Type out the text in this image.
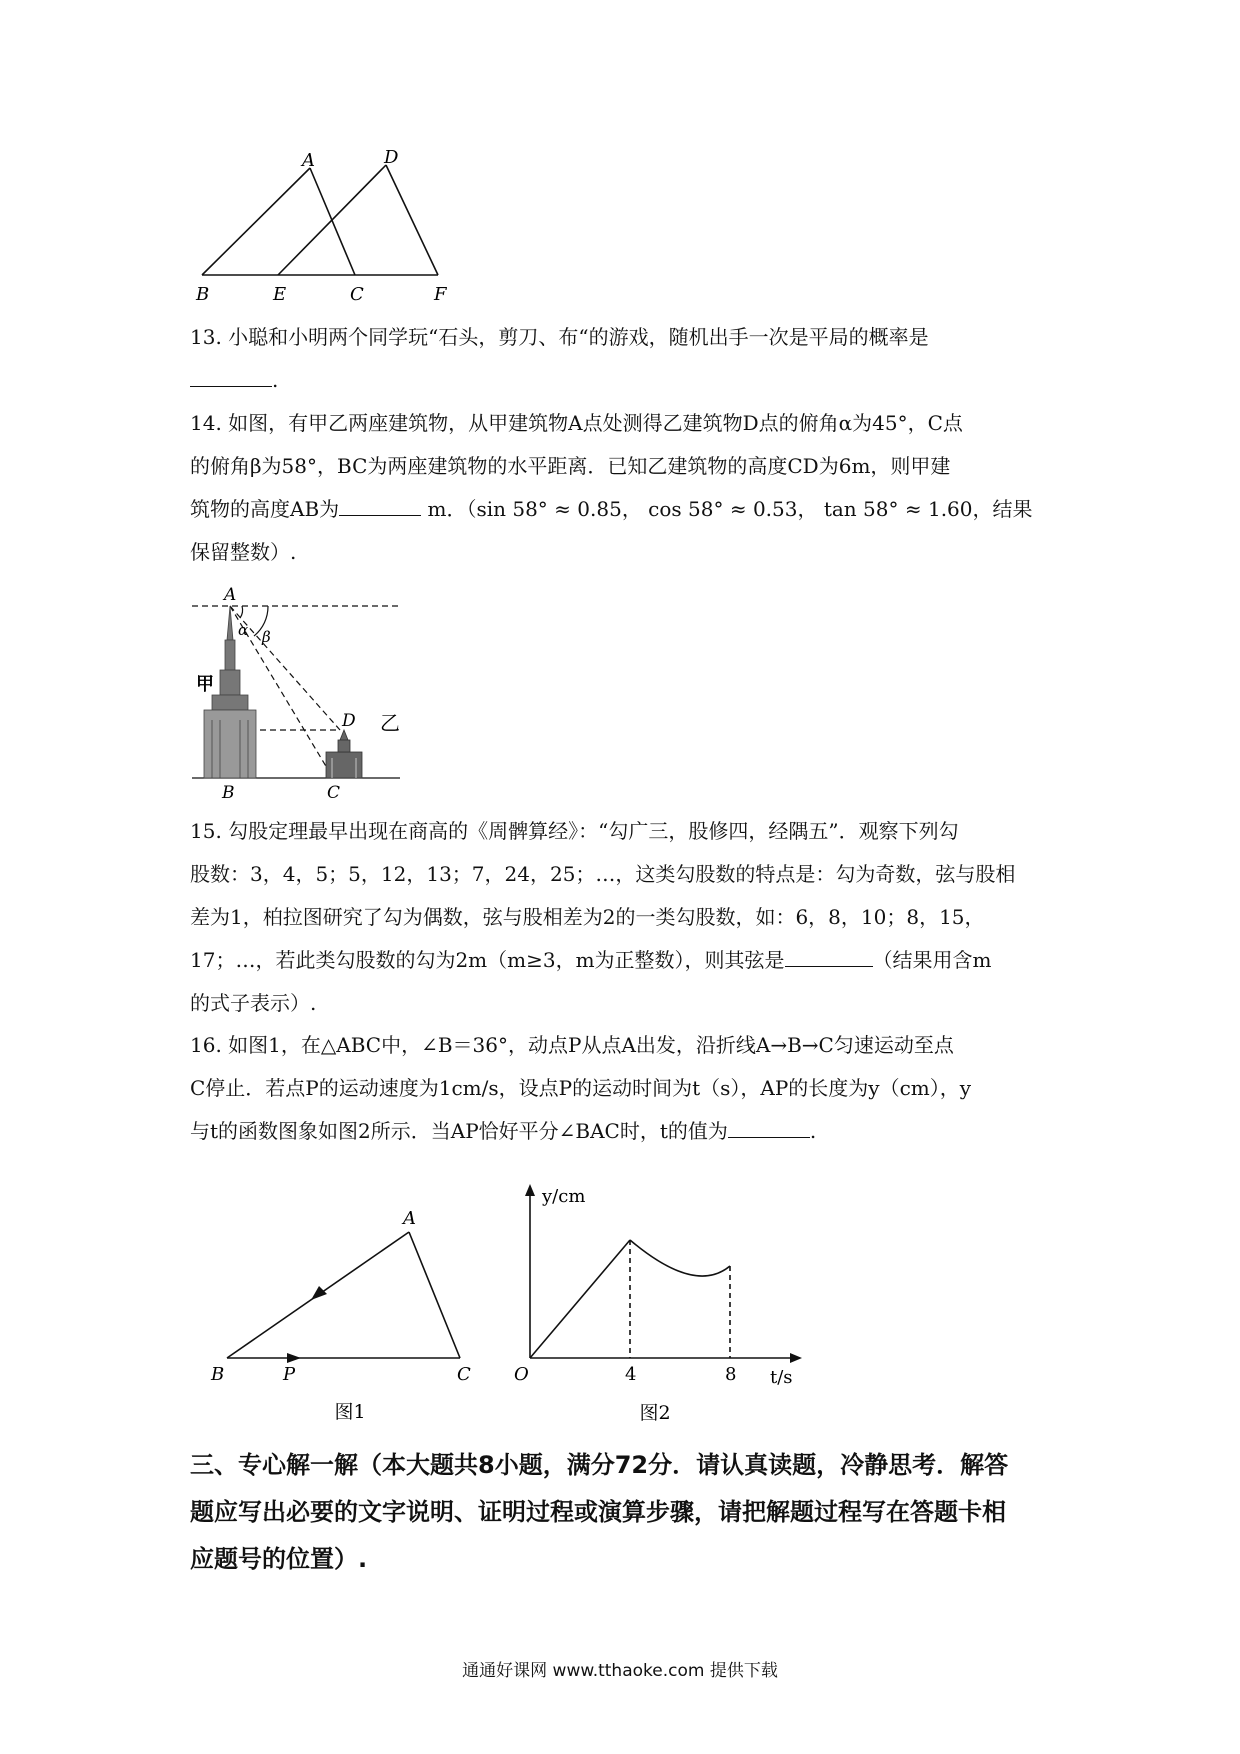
A	D
B	E	C	F

13. 小聪和小明两个同学玩“石头，剪刀、布“的游戏，随机出手一次是平局的概率是

.

14. 如图，有甲乙两座建筑物，从甲建筑物A点处测得乙建筑物D点的俯角α为45°，C点

的俯角β为58°，BC为两座建筑物的水平距离．已知乙建筑物的高度CD为6m，则甲建

筑物的高度AB为	m．（sin 58° ≈ 0.85， cos 58° ≈ 0.53， tan 58° ≈ 1.60，结果

保留整数）.

A
α β
甲
D 乙
B	C

15. 勾股定理最早出现在商高的《周髀算经》：“勾广三，股修四，经隅五”．观察下列勾

股数：3，4，5；5，12，13；7，24，25；…，这类勾股数的特点是：勾为奇数，弦与股相

差为1，柏拉图研究了勾为偶数，弦与股相差为2的一类勾股数，如：6，8，10；8，15，

17；…，若此类勾股数的勾为2m（m≥3，m为正整数），则其弦是	（结果用含m

的式子表示）.

16. 如图1，在△ABC中，∠B＝36°，动点P从点A出发，沿折线A→B→C匀速运动至点

C停止．若点P的运动速度为1cm/s，设点P的运动时间为t（s），AP的长度为y（cm），y

与t的函数图象如图2所示．当AP恰好平分∠BAC时，t的值为	.

A
B	P	C
图1
y/cm
t/s
O	4	8
图2
三、专心解一解（本大题共8小题，满分72分．请认真读题，冷静思考．解答
题应写出必要的文字说明、证明过程或演算步骤，请把解题过程写在答题卡相
应题号的位置）.
通通好课网 www.tthaoke.com 提供下载
